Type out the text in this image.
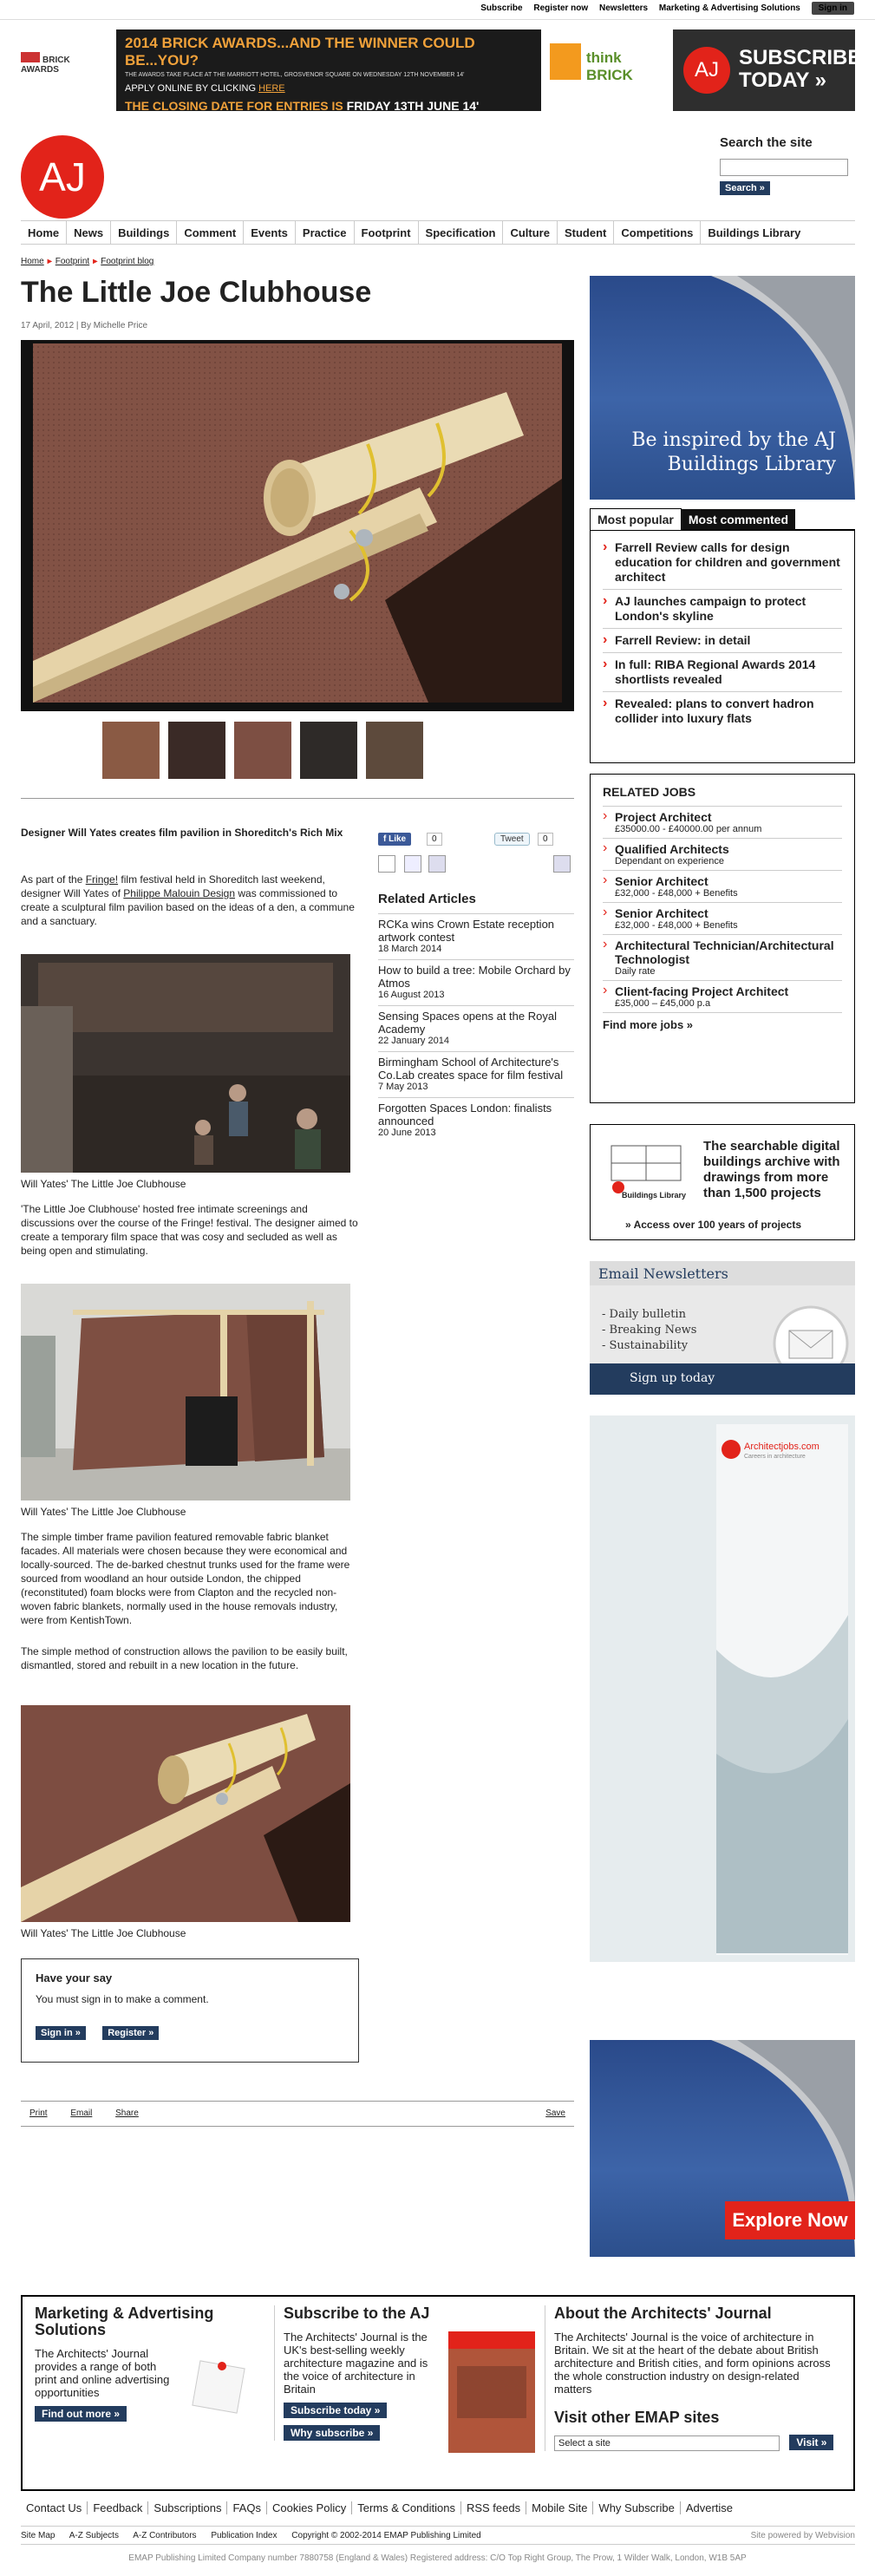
Subscribe Register now Newsletters Marketing & Advertising Solutions Sign in
BRICK AWARDS
2014 BRICK AWARDS...AND THE WINNER COULD BE...YOU?
THE AWARDS TAKE PLACE AT THE MARRIOTT HOTEL, GROSVENOR SQUARE ON WEDNESDAY 12TH NOVEMBER 14'
APPLY ONLINE BY CLICKING HERE
THE CLOSING DATE FOR ENTRIES IS FRIDAY 13TH JUNE 14'
think BRICK	AJ
SUBSCRIBE TODAY »
AJ
Search the site
Search »
Home News Buildings Comment Events Practice Footprint Specification Culture Student Competitions Buildings Library
Home ▸ Footprint ▸ Footprint blog
The Little Joe Clubhouse
17 April, 2012 | By Michelle Price
Designer Will Yates creates film pavilion in Shoreditch's Rich Mix
As part of the Fringe! film festival held in Shoreditch last weekend, designer Will Yates of Philippe Malouin Design was commissioned to create a sculptural film pavilion based on the ideas of a den, a commune and a sanctuary.
Will Yates' The Little Joe Clubhouse
'The Little Joe Clubhouse' hosted free intimate screenings and discussions over the course of the Fringe! festival. The designer aimed to create a temporary film space that was cosy and secluded as well as being open and stimulating.
Will Yates' The Little Joe Clubhouse
The simple timber frame pavilion featured removable fabric blanket facades. All materials were chosen because they were economical and locally-sourced. The de-barked chestnut trunks used for the frame were sourced from woodland an hour outside London, the chipped (reconstituted) foam blocks were from Clapton and the recycled non-woven fabric blankets, normally used in the house removals industry, were from KentishTown.
The simple method of construction allows the pavilion to be easily built, dismantled, stored and rebuilt in a new location in the future.
Will Yates' The Little Joe Clubhouse
f Like	0	Tweet	0
Related Articles
RCKa wins Crown Estate reception artwork contest
18 March 2014
How to build a tree: Mobile Orchard by Atmos
16 August 2013
Sensing Spaces opens at the Royal Academy
22 January 2014
Birmingham School of Architecture's Co.Lab creates space for film festival
7 May 2013
Forgotten Spaces London: finalists announced
20 June 2013
Have your say
You must sign in to make a comment.
Sign in »	Register »
Print	Email	Share	Save
Be inspired by the AJ Buildings Library
Most popular Most commented
› Farrell Review calls for design education for children and government architect
› AJ launches campaign to protect London's skyline
› Farrell Review: in detail
› In full: RIBA Regional Awards 2014 shortlists revealed
› Revealed: plans to convert hadron collider into luxury flats
RELATED JOBS
› Project Architect
£35000.00 - £40000.00 per annum
› Qualified Architects
Dependant on experience
› Senior Architect
£32,000 - £48,000 + Benefits
› Senior Architect
£32,000 - £48,000 + Benefits
› Architectural Technician/Architectural Technologist
Daily rate
› Client-facing Project Architect
£35,000 – £45,000 p.a
Find more jobs »
Buildings Library
The searchable digital buildings archive with drawings from more than 1,500 projects
» Access over 100 years of projects
Email Newsletters
- Daily bulletin
- Breaking News
- Sustainability
Sign up today
Architectjobs.com
Careers in architecture
Explore Now
Marketing & Advertising Solutions
The Architects' Journal provides a range of both print and online advertising opportunities
Find out more »
Subscribe to the AJ
The Architects' Journal is the UK's best-selling weekly architecture magazine and is the voice of architecture in Britain
Subscribe today »
Why subscribe »
About the Architects' Journal
The Architects' Journal is the voice of architecture in Britain. We sit at the heart of the debate about British architecture and British cities, and form opinions across the whole construction industry on design-related matters
Visit other EMAP sites
Select a site	Visit »
Contact Us Feedback Subscriptions FAQs Cookies Policy Terms & Conditions RSS feeds Mobile Site Why Subscribe Advertise
Site Map A-Z Subjects A-Z Contributors Publication Index Copyright © 2002-2014 EMAP Publishing Limited	Site powered by Webvision
EMAP Publishing Limited Company number 7880758 (England & Wales) Registered address: C/O Top Right Group, The Prow, 1 Wilder Walk, London, W1B 5AP
